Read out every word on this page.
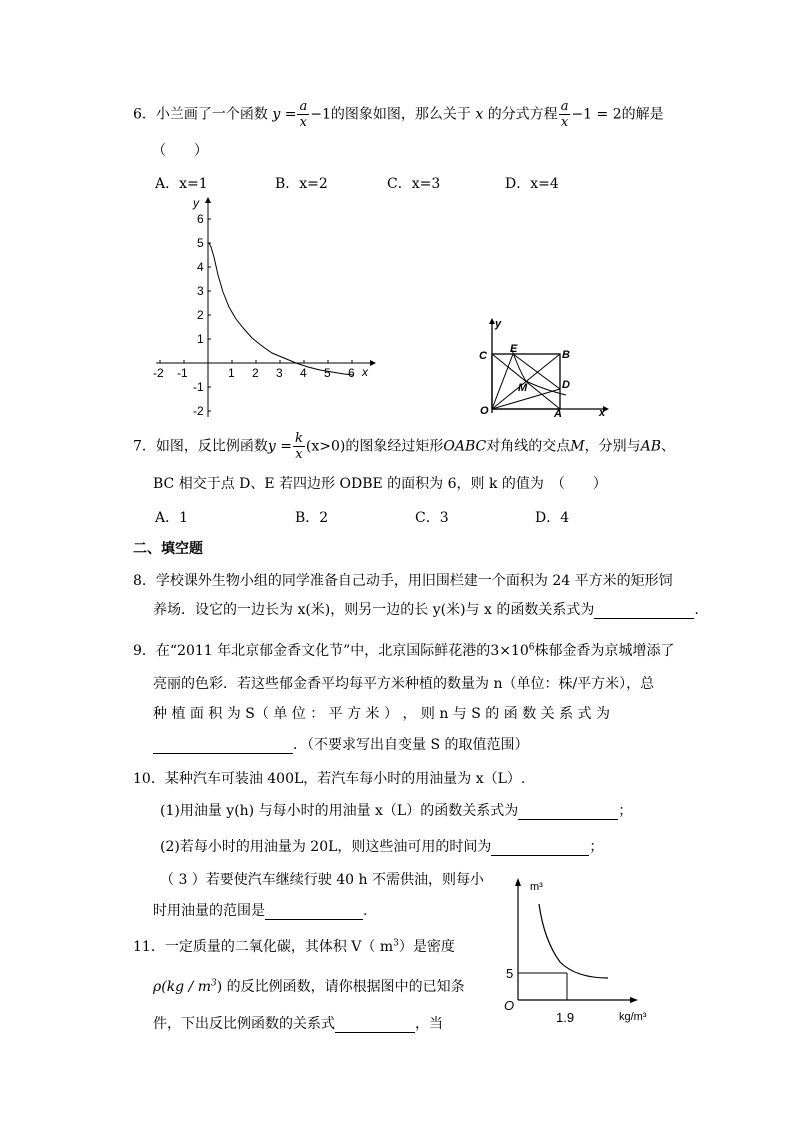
6．小兰画了一个函数 $y = \frac{a}{x} -1$的图象如图，那么关于 x 的分式方程 $\frac{a}{x} -1 = 2$的解是
（　　）
A．x=1	B．x=2	C．x=3	D．x=4
y
x
-2 -1	1 2 3 4 5 6
6
5
4
3
2
1
-1
-2
y
C
E	B
M	D
O	A	x
7．如图，反比例函数$y = \frac{k}{x} (x>0)$的图象经过矩形OABC对角线的交点M，分别与AB、
BC 相交于点 D、E 若四边形 ODBE 的面积为 6，则 k 的值为　（　　）
A．1	B．2	C．3	D．4
二、填空题
8．学校课外生物小组的同学准备自己动手，用旧围栏建一个面积为 24 平方米的矩形饲
养场．设它的一边长为 x(米)，则另一边的长 y(米)与 x 的函数关系式为	.
9．在“2011 年北京郁金香文化节”中，北京国际鲜花港的$3\times 10^6$株郁金香为京城增添了
亮丽的色彩．若这些郁金香平均每平方米种植的数量为 n（单位：株/平方米），总
种 植 面 积 为 S（ 单 位 ： 平 方 米 ） ， 则 n 与 S 的 函 数 关 系 式 为
．（不要求写出自变量 S 的取值范围）
10．某种汽车可装油 400L，若汽车每小时的用油量为 x（L）.
(1)用油量 y(h) 与每小时的用油量 x（L）的函数关系式为	；
(2)若每小时的用油量为 20L，则这些油可用的时间为	；
（ 3 ）若要使汽车继续行驶 40 h 不需供油，则每小
时用油量的范围是	.
11．一定质量的二氧化碳，其体积 V（ $m^3$）是密度
$\rho(kg / m^3)$ 的反比例函数，请你根据图中的已知条
件，下出反比例函数的关系式	，当
m³
kg/m³
5
O
1.9
